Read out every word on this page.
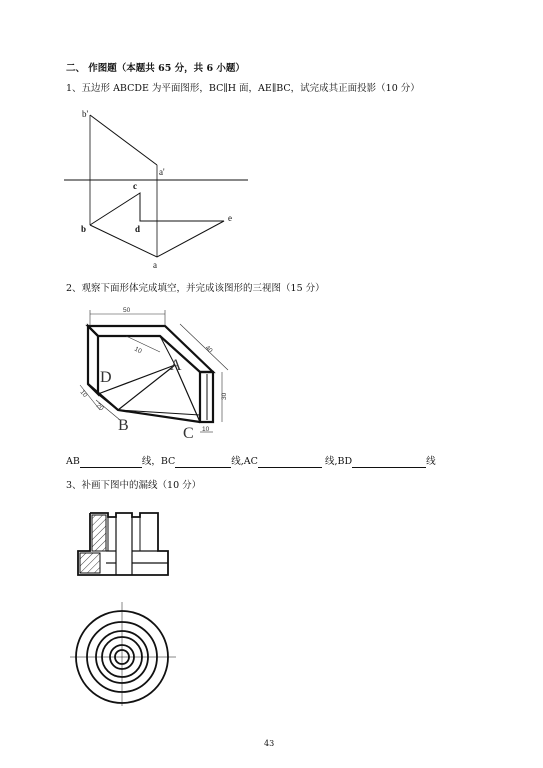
二、 作图题（本题共 65 分，共 6 小题）
1、五边形 ABCDE 为平面图形，BC∥H 面，AE∥BC，试完成其正面投影（10 分）
b'
a'
c
b	d
e
a
2、观察下面形体完成填空，并完成该图形的三视图（15 分）
50
10	40
30
10
20
10
A
B	C
D
AB	线，BC	线,AC	线,BD	线
3、补画下图中的漏线（10 分）
43
